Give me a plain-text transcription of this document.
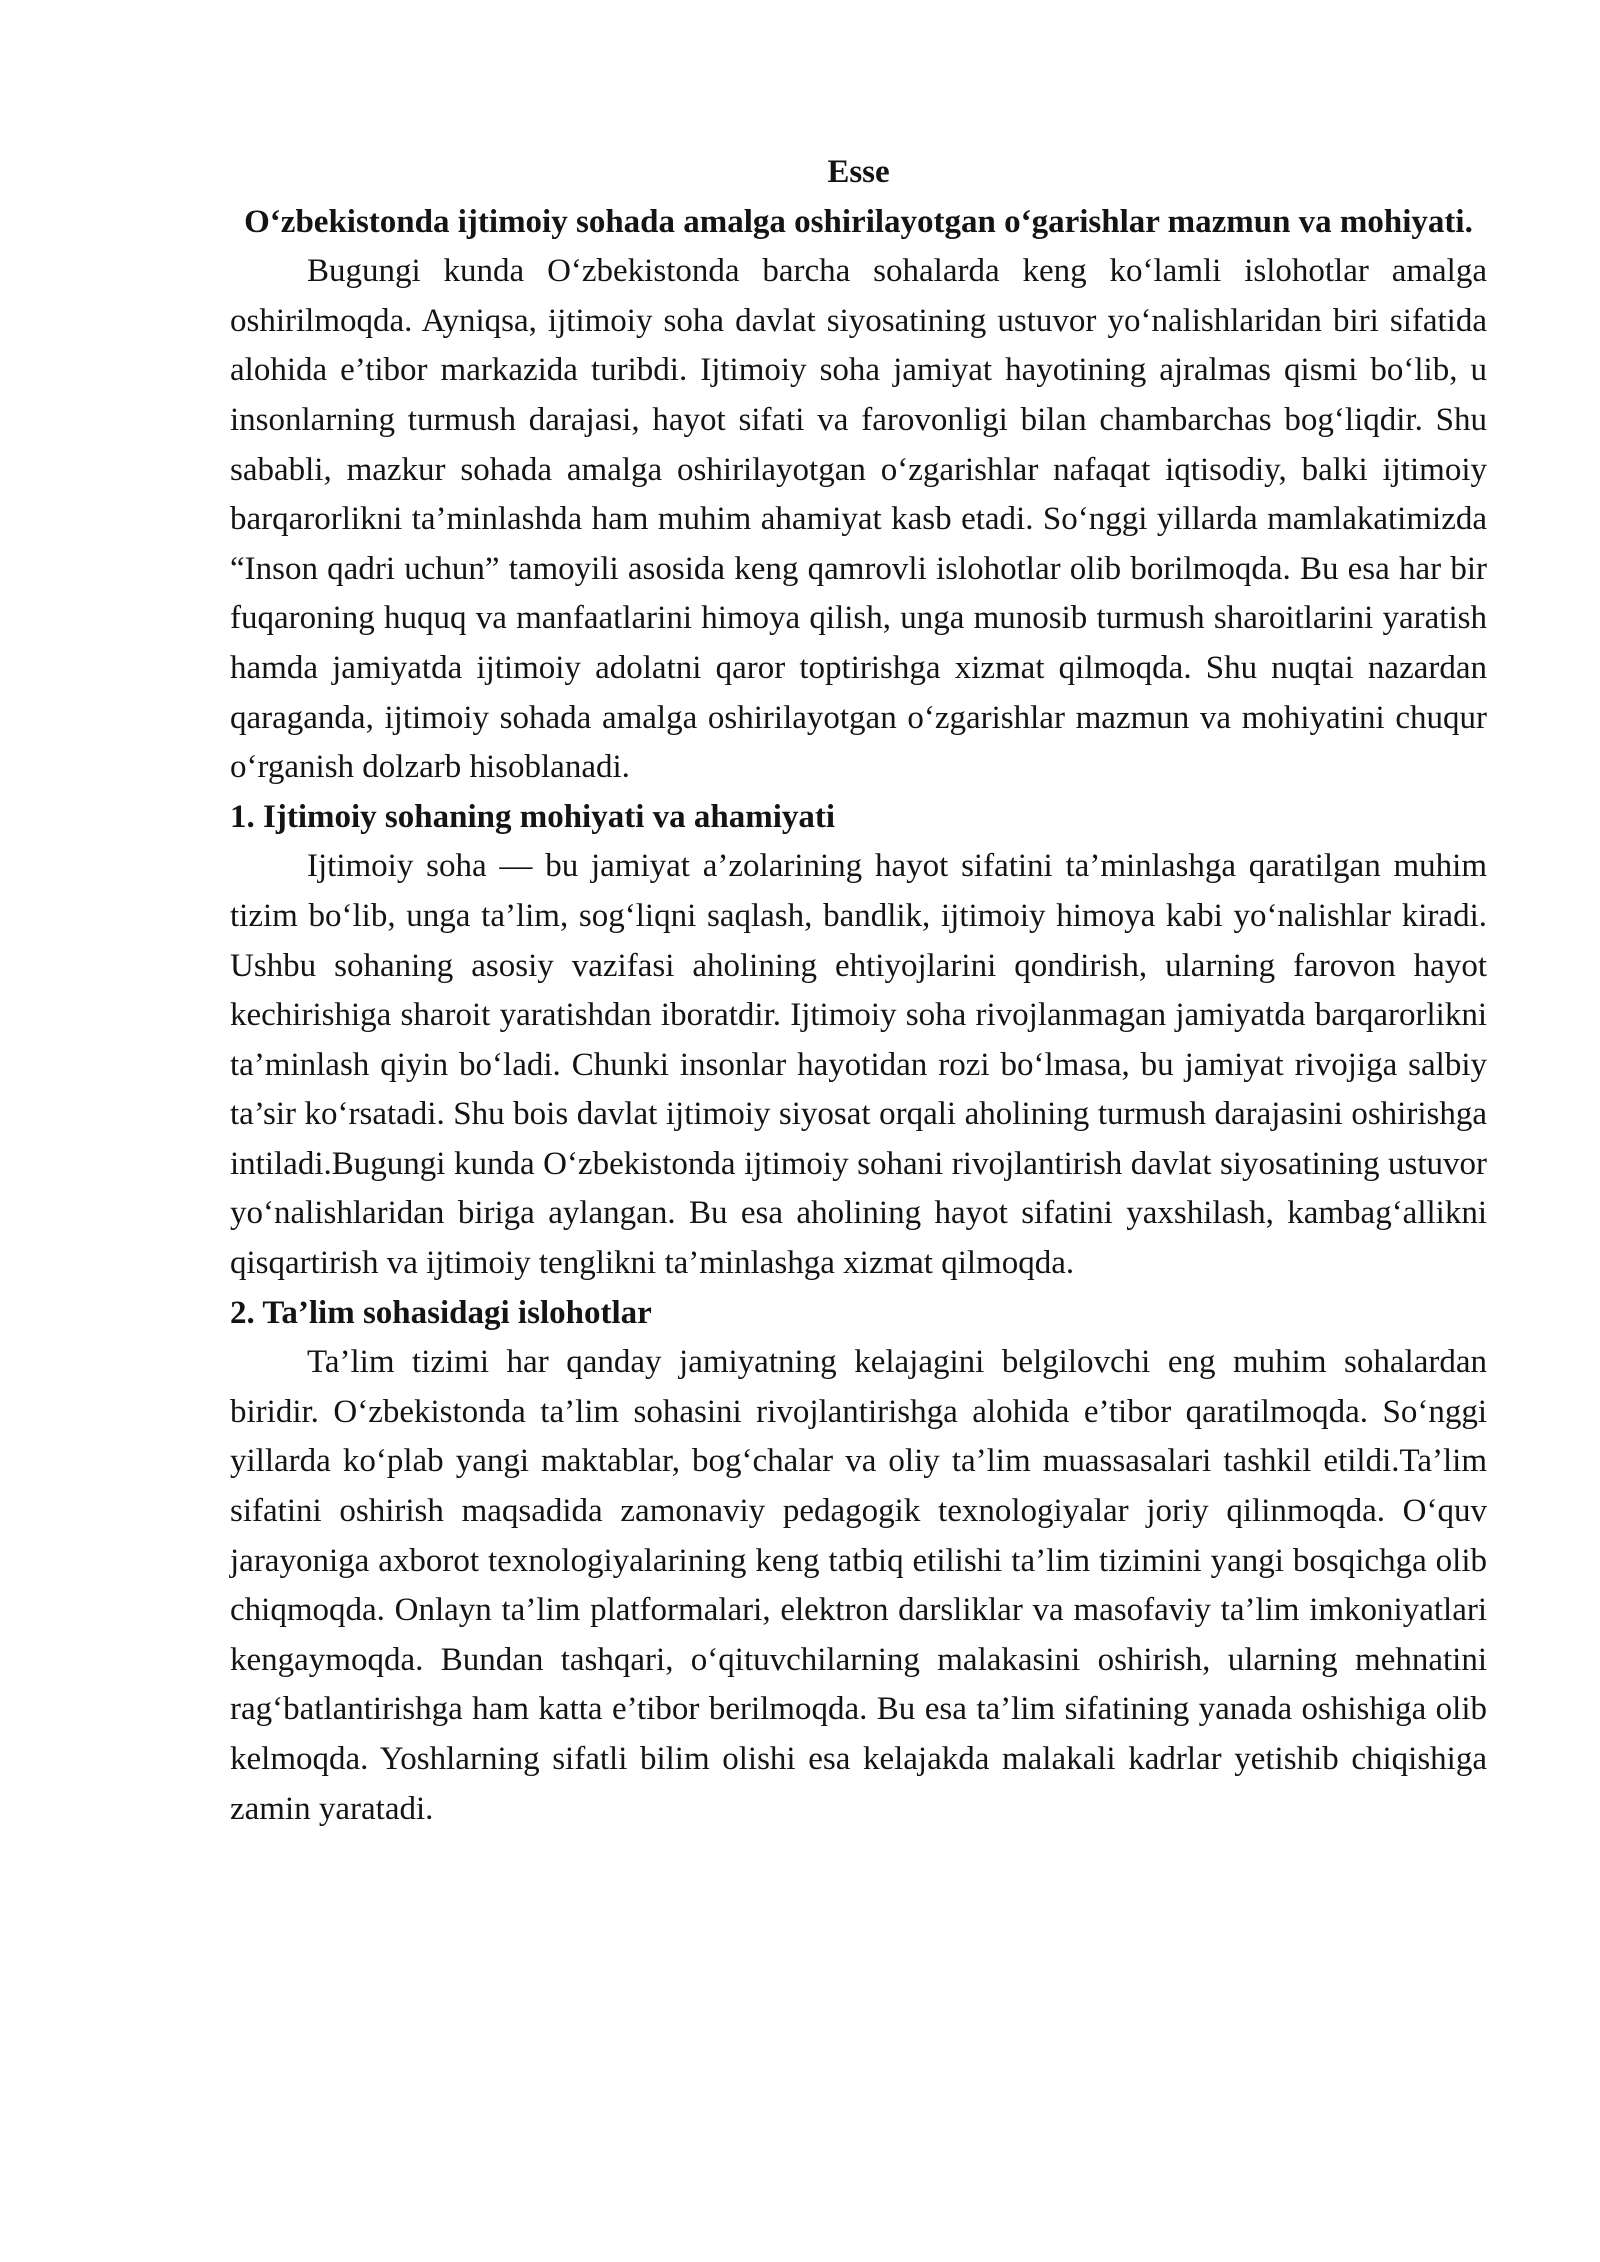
Esse

O‘zbekistonda ijtimoiy sohada amalga oshirilayotgan o‘garishlar mazmun va mohiyati.

Bugungi kunda O‘zbekistonda barcha sohalarda keng ko‘lamli islohotlar amalga oshirilmoqda. Ayniqsa, ijtimoiy soha davlat siyosatining ustuvor yo‘nalishlaridan biri sifatida alohida e’tibor markazida turibdi. Ijtimoiy soha jamiyat hayotining ajralmas qismi bo‘lib, u insonlarning turmush darajasi, hayot sifati va farovonligi bilan chambarchas bog‘liqdir. Shu sababli, mazkur sohada amalga oshirilayotgan o‘zgarishlar nafaqat iqtisodiy, balki ijtimoiy barqarorlikni ta’minlashda ham muhim ahamiyat kasb etadi. So‘nggi yillarda mamlakatimizda “Inson qadri uchun” tamoyili asosida keng qamrovli islohotlar olib borilmoqda. Bu esa har bir fuqaroning huquq va manfaatlarini himoya qilish, unga munosib turmush sharoitlarini yaratish hamda jamiyatda ijtimoiy adolatni qaror toptirishga xizmat qilmoqda. Shu nuqtai nazardan qaraganda, ijtimoiy sohada amalga oshirilayotgan o‘zgarishlar mazmun va mohiyatini chuqur o‘rganish dolzarb hisoblanadi.

1. Ijtimoiy sohaning mohiyati va ahamiyati

Ijtimoiy soha — bu jamiyat a’zolarining hayot sifatini ta’minlashga qaratilgan muhim tizim bo‘lib, unga ta’lim, sog‘liqni saqlash, bandlik, ijtimoiy himoya kabi yo‘nalishlar kiradi. Ushbu sohaning asosiy vazifasi aholining ehtiyojlarini qondirish, ularning farovon hayot kechirishiga sharoit yaratishdan iboratdir. Ijtimoiy soha rivojlanmagan jamiyatda barqarorlikni ta’minlash qiyin bo‘ladi. Chunki insonlar hayotidan rozi bo‘lmasa, bu jamiyat rivojiga salbiy ta’sir ko‘rsatadi. Shu bois davlat ijtimoiy siyosat orqali aholining turmush darajasini oshirishga intiladi.Bugungi kunda O‘zbekistonda ijtimoiy sohani rivojlantirish davlat siyosatining ustuvor yo‘nalishlaridan biriga aylangan. Bu esa aholining hayot sifatini yaxshilash, kambag‘allikni qisqartirish va ijtimoiy tenglikni ta’minlashga xizmat qilmoqda.

2. Ta’lim sohasidagi islohotlar

Ta’lim tizimi har qanday jamiyatning kelajagini belgilovchi eng muhim sohalardan biridir. O‘zbekistonda ta’lim sohasini rivojlantirishga alohida e’tibor qaratilmoqda. So‘nggi yillarda ko‘plab yangi maktablar, bog‘chalar va oliy ta’lim muassasalari tashkil etildi.Ta’lim sifatini oshirish maqsadida zamonaviy pedagogik texnologiyalar joriy qilinmoqda. O‘quv jarayoniga axborot texnologiyalarining keng tatbiq etilishi ta’lim tizimini yangi bosqichga olib chiqmoqda. Onlayn ta’lim platformalari, elektron darsliklar va masofaviy ta’lim imkoniyatlari kengaymoqda. Bundan tashqari, o‘qituvchilarning malakasini oshirish, ularning mehnatini rag‘batlantirishga ham katta e’tibor berilmoqda. Bu esa ta’lim sifatining yanada oshishiga olib kelmoqda. Yoshlarning sifatli bilim olishi esa kelajakda malakali kadrlar yetishib chiqishiga zamin yaratadi.
